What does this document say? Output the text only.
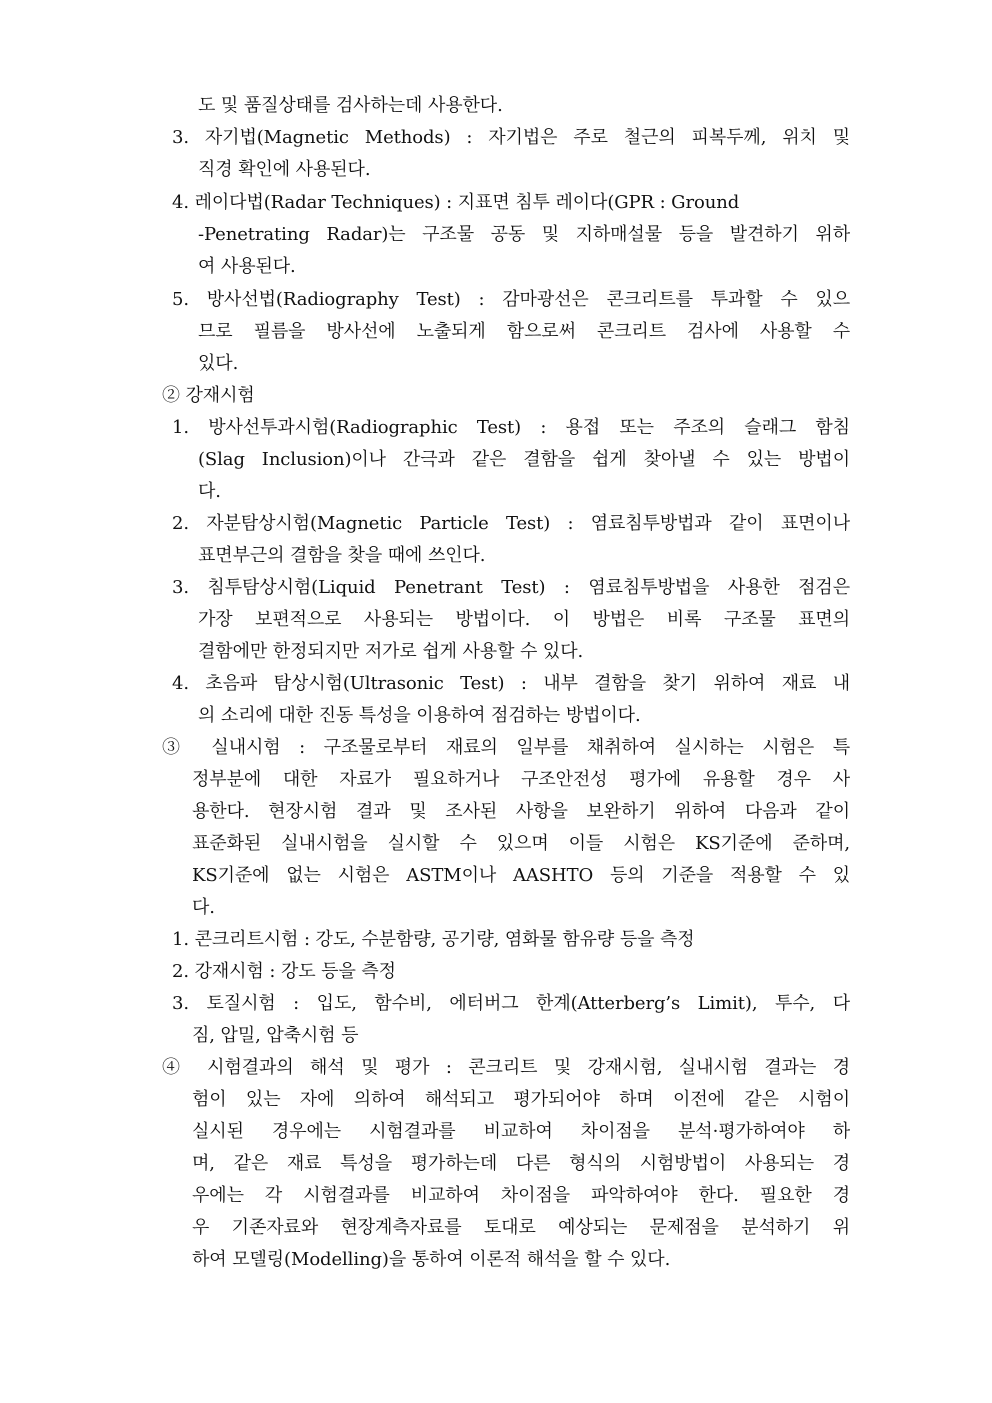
도 및 품질상태를 검사하는데 사용한다.
3. 자기법(Magnetic Methods) : 자기법은 주로 철근의 피복두께, 위치 및
직경 확인에 사용된다.
4. 레이다법(Radar Techniques) : 지표면 침투 레이다(GPR : Ground
-Penetrating Radar)는 구조물 공동 및 지하매설물 등을 발견하기 위하
여 사용된다.
5. 방사선법(Radiography Test) : 감마광선은 콘크리트를 투과할 수 있으
므로 필름을 방사선에 노출되게 함으로써 콘크리트 검사에 사용할 수
있다.
② 강재시험
1. 방사선투과시험(Radiographic Test) : 용접 또는 주조의 슬래그 함침
(Slag Inclusion)이나 간극과 같은 결함을 쉽게 찾아낼 수 있는 방법이
다.
2. 자분탐상시험(Magnetic Particle Test) : 염료침투방법과 같이 표면이나
표면부근의 결함을 찾을 때에 쓰인다.
3. 침투탐상시험(Liquid Penetrant Test) : 염료침투방법을 사용한 점검은
가장 보편적으로 사용되는 방법이다. 이 방법은 비록 구조물 표면의
결함에만 한정되지만 저가로 쉽게 사용할 수 있다.
4. 초음파 탐상시험(Ultrasonic Test) : 내부 결함을 찾기 위하여 재료 내
의 소리에 대한 진동 특성을 이용하여 점검하는 방법이다.
③ 실내시험 : 구조물로부터 재료의 일부를 채취하여 실시하는 시험은 특
정부분에 대한 자료가 필요하거나 구조안전성 평가에 유용할 경우 사
용한다. 현장시험 결과 및 조사된 사항을 보완하기 위하여 다음과 같이
표준화된 실내시험을 실시할 수 있으며 이들 시험은 KS기준에 준하며,
KS기준에 없는 시험은 ASTM이나 AASHTO 등의 기준을 적용할 수 있
다.
1. 콘크리트시험 : 강도, 수분함량, 공기량, 염화물 함유량 등을 측정
2. 강재시험 : 강도 등을 측정
3. 토질시험 : 입도, 함수비, 에터버그 한계(Atterberg’s Limit), 투수, 다
짐, 압밀, 압축시험 등
④ 시험결과의 해석 및 평가 : 콘크리트 및 강재시험, 실내시험 결과는 경
험이 있는 자에 의하여 해석되고 평가되어야 하며 이전에 같은 시험이
실시된 경우에는 시험결과를 비교하여 차이점을 분석·평가하여야 하
며, 같은 재료 특성을 평가하는데 다른 형식의 시험방법이 사용되는 경
우에는 각 시험결과를 비교하여 차이점을 파악하여야 한다. 필요한 경
우 기존자료와 현장계측자료를 토대로 예상되는 문제점을 분석하기 위
하여 모델링(Modelling)을 통하여 이론적 해석을 할 수 있다.
